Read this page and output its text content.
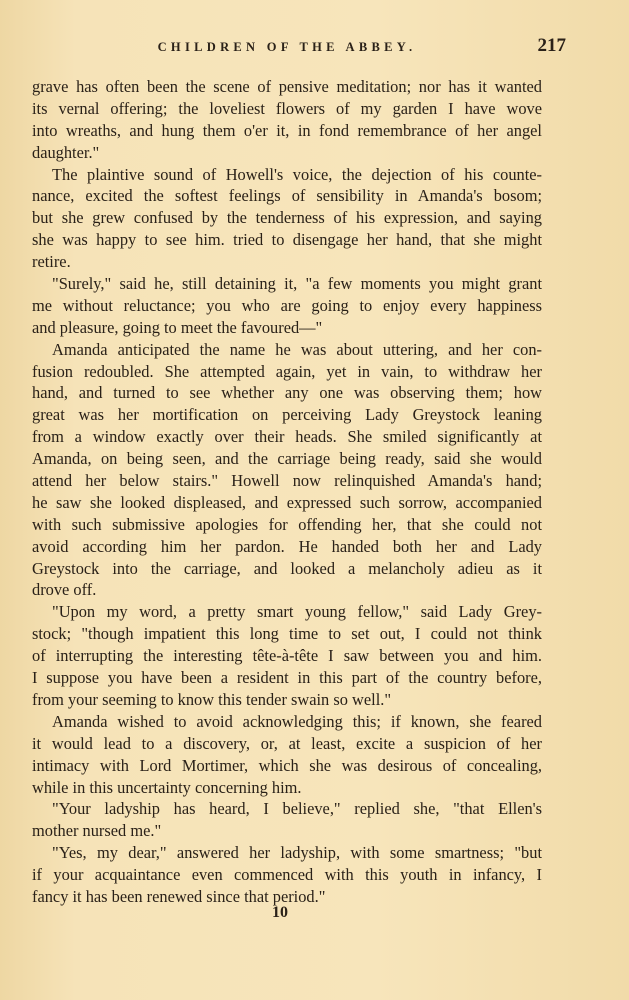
CHILDREN OF THE ABBEY.	217
grave has often been the scene of pensive meditation; nor has it wanted
its vernal offering; the loveliest flowers of my garden I have wove
into wreaths, and hung them o'er it, in fond remembrance of her angel
daughter."
The plaintive sound of Howell's voice, the dejection of his counte-
nance, excited the softest feelings of sensibility in Amanda's bosom;
but she grew confused by the tenderness of his expression, and saying
she was happy to see him. tried to disengage her hand, that she might
retire.
"Surely," said he, still detaining it, "a few moments you might grant
me without reluctance; you who are going to enjoy every happiness
and pleasure, going to meet the favoured—"
Amanda anticipated the name he was about uttering, and her con-
fusion redoubled. She attempted again, yet in vain, to withdraw her
hand, and turned to see whether any one was observing them; how
great was her mortification on perceiving Lady Greystock leaning
from a window exactly over their heads. She smiled significantly at
Amanda, on being seen, and the carriage being ready, said she would
attend her below stairs." Howell now relinquished Amanda's hand;
he saw she looked displeased, and expressed such sorrow, accompanied
with such submissive apologies for offending her, that she could not
avoid according him her pardon. He handed both her and Lady
Greystock into the carriage, and looked a melancholy adieu as it
drove off.
"Upon my word, a pretty smart young fellow," said Lady Grey-
stock; "though impatient this long time to set out, I could not think
of interrupting the interesting tête-à-tête I saw between you and him.
I suppose you have been a resident in this part of the country before,
from your seeming to know this tender swain so well."
Amanda wished to avoid acknowledging this; if known, she feared
it would lead to a discovery, or, at least, excite a suspicion of her
intimacy with Lord Mortimer, which she was desirous of concealing,
while in this uncertainty concerning him.
"Your ladyship has heard, I believe," replied she, "that Ellen's
mother nursed me."
"Yes, my dear," answered her ladyship, with some smartness; "but
if your acquaintance even commenced with this youth in infancy, I
fancy it has been renewed since that period."
10
